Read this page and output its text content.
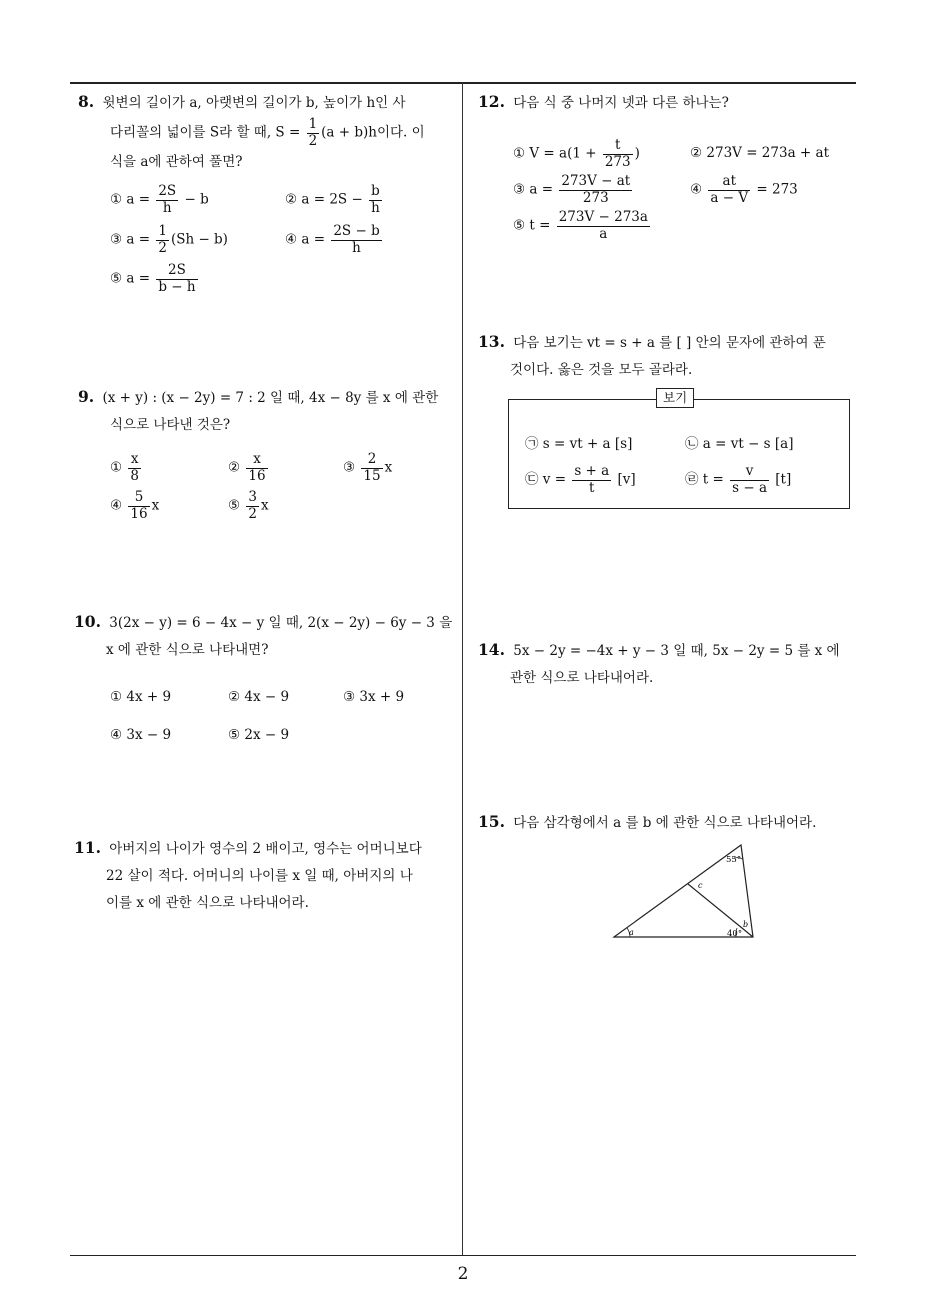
2
8. 윗변의 길이가 a, 아랫변의 길이가 b, 높이가 h인 사
다리꼴의 넓이를 S라 할 때, $S = \frac{1}{2} (a + b)h$이다. 이
식을 a에 관하여 풀면?
① $a = \frac{2S}{h} - b$	② $a = 2S - \frac{b}{h}$
③ $a = \frac{1}{2} (Sh - b)$	④ $a = \frac{2S - b}{h}$
⑤ $a = \frac{2S}{b - h}$
9. (x + y) : (x − 2y) = 7 : 2 일 때, 4x − 8y 를 x 에 관한
식으로 나타낸 것은?
① $\frac{x}{8}$	② $\frac{x}{16}$	③ $\frac{2}{15}$ x
④ $\frac{5}{16}$ x	⑤ $\frac{3}{2}$ x
10. 3(2x − y) = 6 − 4x − y 일 때, 2(x − 2y) − 6y − 3 을
x 에 관한 식으로 나타내면?
① 4x + 9	② 4x − 9	③ 3x + 9
④ 3x − 9	⑤ 2x − 9
11. 아버지의 나이가 영수의 2 배이고, 영수는 어머니보다
22 살이 적다. 어머니의 나이를 x 일 때, 아버지의 나
이를 x 에 관한 식으로 나타내어라.
12. 다음 식 중 나머지 넷과 다른 하나는?
① $V = a(1 + \frac{t}{273}$ )	② 273V = 273a + at
③ $a = \frac{273V - at}{273}$	④ $\frac{at}{a - V} = 273$
⑤ $t = \frac{273V - 273a}{a}$
13. 다음 보기는 vt = s + a 를 [ ] 안의 문자에 관하여 푼
것이다. 옳은 것을 모두 골라라.
보기
㉠ s = vt + a [s]	㉡ a = vt − s [a]
㉢ $v = \frac{s + a}{t} [v]$	㉣ $t = \frac{v}{s - a} [t]$
14. 5x − 2y = −4x + y − 3 일 때, 5x − 2y = 5 를 x 에
관한 식으로 나타내어라.
15. 다음 삼각형에서 a 를 b 에 관한 식으로 나타내어라.
55°
c
b
a	40°
